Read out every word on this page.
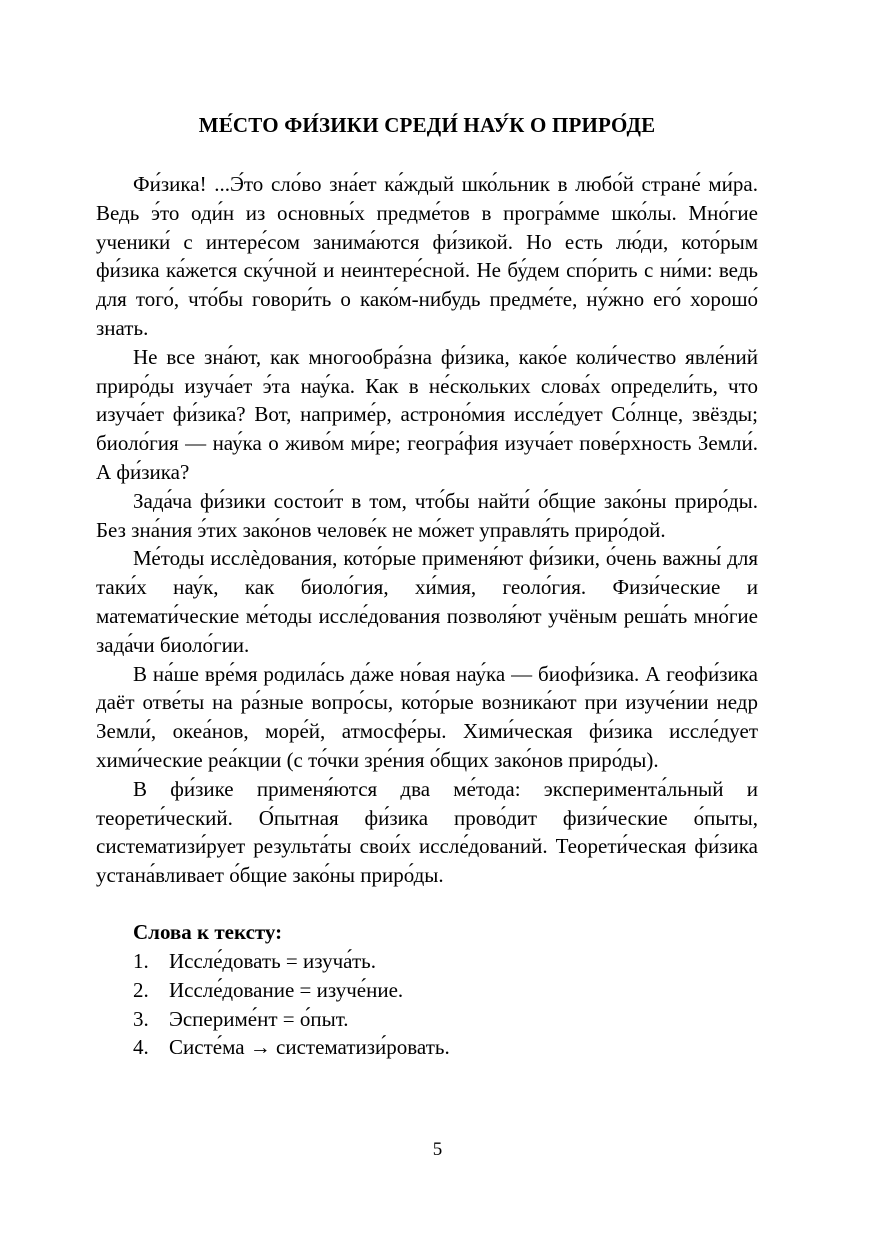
МЕ́СТО ФИ́ЗИКИ СРЕДИ́ НАУ́К О ПРИРО́ДЕ

Фи́зика! ...Э́то сло́во зна́ет ка́ждый шко́льник в любо́й стране́ ми́ра. Ведь э́то оди́н из основны́х предме́тов в програ́мме шко́лы. Мно́гие ученики́ с интере́сом занима́ются фи́зикой. Но есть лю́ди, кото́рым фи́зика ка́жется ску́чной и неинтере́сной. Не бу́дем спо́рить с ни́ми: ведь для того́, что́бы говори́ть о како́м-нибудь предме́те, ну́жно его́ хорошо́ знать.

Не все зна́ют, как многообра́зна фи́зика, како́е коли́чество явле́ний приро́ды изуча́ет э́та нау́ка. Как в не́скольких слова́х определи́ть, что изуча́ет фи́зика? Вот, наприме́р, астроно́мия иссле́дует Со́лнце, звёзды; биоло́гия — нау́ка о живо́м ми́ре; геогра́фия изуча́ет пове́рхность Земли́. А фи́зика?

Зада́ча фи́зики состои́т в том, что́бы найти́ о́бщие зако́ны приро́ды. Без зна́ния э́тих зако́нов челове́к не мо́жет управля́ть приро́дой.

Ме́тоды исслѐдования, кото́рые применя́ют фи́зики, о́чень важны́ для таки́х нау́к, как биоло́гия, хи́мия, геоло́гия. Физи́ческие и математи́ческие ме́тоды иссле́дования позволя́ют учёным реша́ть мно́гие зада́чи биоло́гии.

В на́ше вре́мя родила́сь да́же но́вая нау́ка — биофи́зика. А геофи́зика даёт отве́ты на ра́зные вопро́сы, кото́рые возника́ют при изуче́нии недр Земли́, океа́нов, море́й, атмосфе́ры. Хими́ческая фи́зика иссле́дует хими́ческие реа́кции (с то́чки зре́ния о́бщих зако́нов приро́ды).

В фи́зике применя́ются два ме́тода: эксперимента́льный и теорети́ческий. О́пытная фи́зика прово́дит физи́ческие о́пыты, систематизи́рует результа́ты свои́х иссле́дований. Теорети́ческая фи́зика устана́вливает о́бщие зако́ны приро́ды.

Слова к тексту:

1. Иссле́довать = изуча́ть.
2. Иссле́дование = изуче́ние.
3. Эспериме́нт = о́пыт.
4. Систе́ма → систематизи́ровать.
5
